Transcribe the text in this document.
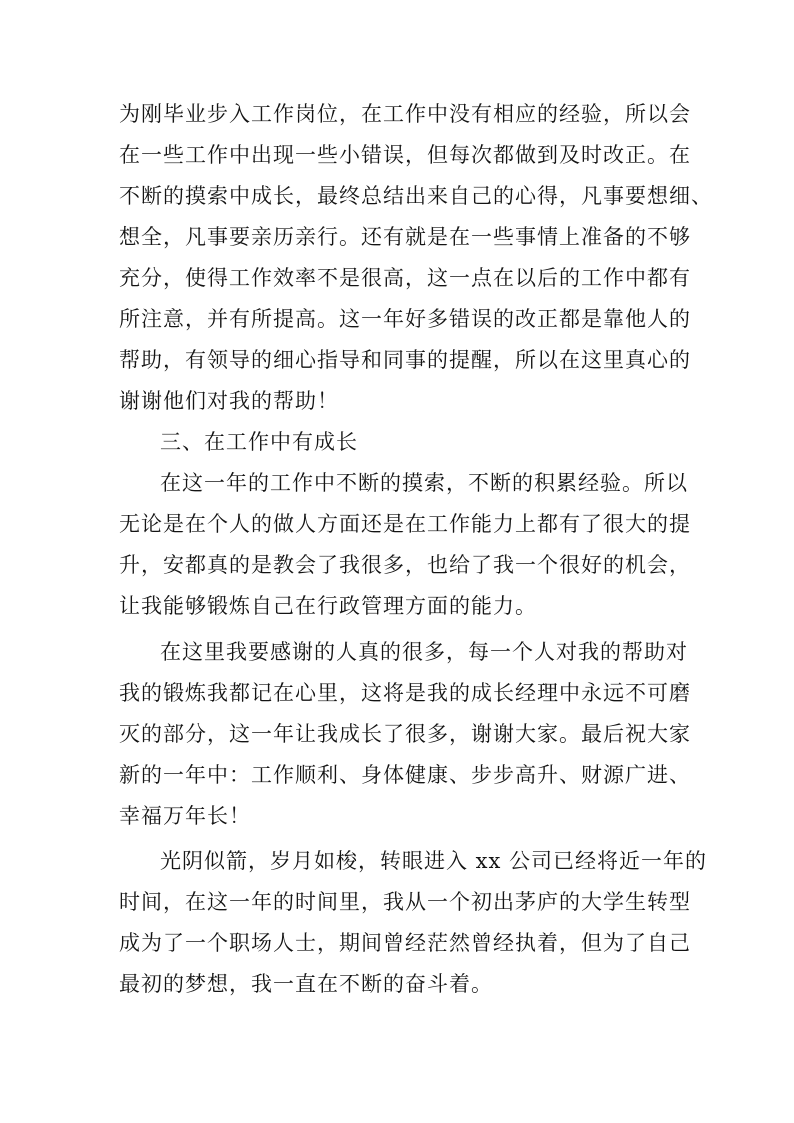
为刚毕业步入工作岗位，在工作中没有相应的经验，所以会
在一些工作中出现一些小错误，但每次都做到及时改正。在
不断的摸索中成长，最终总结出来自己的心得，凡事要想细、
想全，凡事要亲历亲行。还有就是在一些事情上准备的不够
充分，使得工作效率不是很高，这一点在以后的工作中都有
所注意，并有所提高。这一年好多错误的改正都是靠他人的
帮助，有领导的细心指导和同事的提醒，所以在这里真心的
谢谢他们对我的帮助！
三、在工作中有成长
在这一年的工作中不断的摸索，不断的积累经验。所以
无论是在个人的做人方面还是在工作能力上都有了很大的提
升，安都真的是教会了我很多，也给了我一个很好的机会，
让我能够锻炼自己在行政管理方面的能力。
在这里我要感谢的人真的很多，每一个人对我的帮助对
我的锻炼我都记在心里，这将是我的成长经理中永远不可磨
灭的部分，这一年让我成长了很多，谢谢大家。最后祝大家
新的一年中：工作顺利、身体健康、步步高升、财源广进、
幸福万年长！
光阴似箭，岁月如梭，转眼进入 xx 公司已经将近一年的
时间，在这一年的时间里，我从一个初出茅庐的大学生转型
成为了一个职场人士，期间曾经茫然曾经执着，但为了自己
最初的梦想，我一直在不断的奋斗着。
